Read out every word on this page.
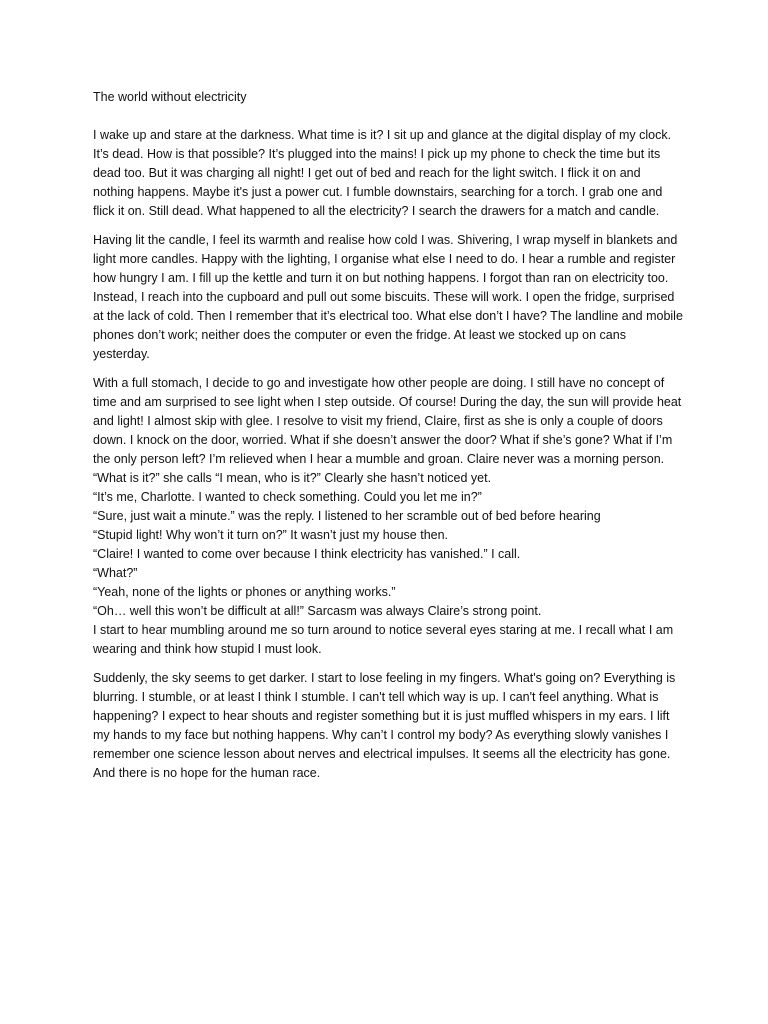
The world without electricity

I wake up and stare at the darkness. What time is it? I sit up and glance at the digital display of my clock. It’s dead. How is that possible? It’s plugged into the mains! I pick up my phone to check the time but its dead too. But it was charging all night! I get out of bed and reach for the light switch. I flick it on and nothing happens. Maybe it's just a power cut. I fumble downstairs, searching for a torch. I grab one and flick it on. Still dead. What happened to all the electricity? I search the drawers for a match and candle.

Having lit the candle, I feel its warmth and realise how cold I was. Shivering, I wrap myself in blankets and light more candles. Happy with the lighting, I organise what else I need to do. I hear a rumble and register how hungry I am. I fill up the kettle and turn it on but nothing happens. I forgot than ran on electricity too. Instead, I reach into the cupboard and pull out some biscuits. These will work. I open the fridge, surprised at the lack of cold. Then I remember that it’s electrical too. What else don’t I have? The landline and mobile phones don’t work; neither does the computer or even the fridge. At least we stocked up on cans yesterday.

With a full stomach, I decide to go and investigate how other people are doing. I still have no concept of time and am surprised to see light when I step outside. Of course! During the day, the sun will provide heat and light! I almost skip with glee. I resolve to visit my friend, Claire, first as she is only a couple of doors down. I knock on the door, worried. What if she doesn’t answer the door? What if she’s gone? What if I’m the only person left? I’m relieved when I hear a mumble and groan. Claire never was a morning person. “What is it?” she calls “I mean, who is it?” Clearly she hasn’t noticed yet.

“It’s me, Charlotte. I wanted to check something. Could you let me in?”
“Sure, just wait a minute.” was the reply. I listened to her scramble out of bed before hearing
“Stupid light! Why won’t it turn on?” It wasn’t just my house then.
“Claire! I wanted to come over because I think electricity has vanished.” I call.
“What?”
“Yeah, none of the lights or phones or anything works.”
“Oh… well this won’t be difficult at all!” Sarcasm was always Claire’s strong point.
I start to hear mumbling around me so turn around to notice several eyes staring at me. I recall what I am wearing and think how stupid I must look.

Suddenly, the sky seems to get darker. I start to lose feeling in my fingers. What's going on? Everything is blurring. I stumble, or at least I think I stumble. I can't tell which way is up. I can't feel anything. What is happening? I expect to hear shouts and register something but it is just muffled whispers in my ears. I lift my hands to my face but nothing happens. Why can’t I control my body? As everything slowly vanishes I remember one science lesson about nerves and electrical impulses. It seems all the electricity has gone. And there is no hope for the human race.
